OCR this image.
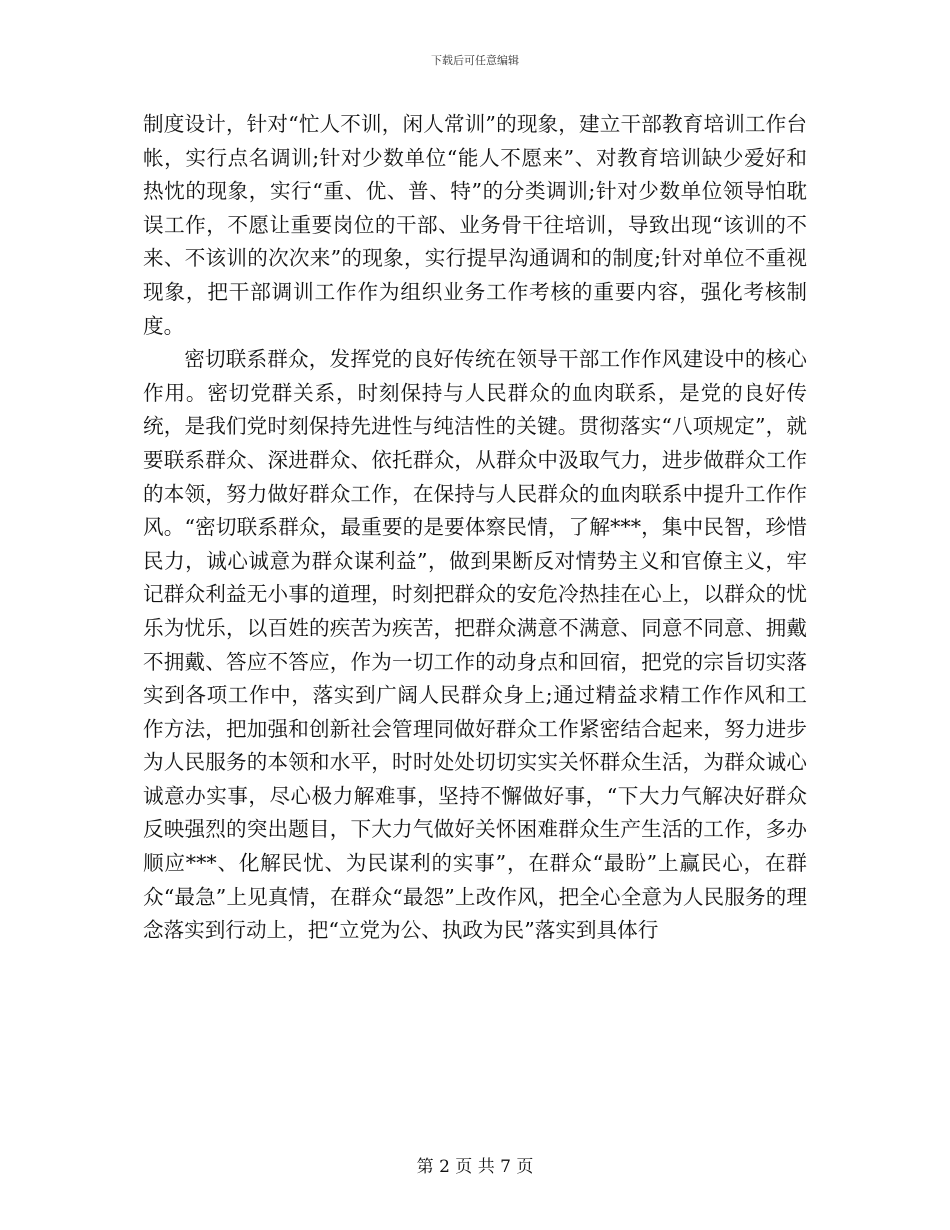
下载后可任意编辑

制度设计，针对“忙人不训，闲人常训”的现象，建立干部教育培训工作台帐，实行点名调训;针对少数单位“能人不愿来”、对教育培训缺少爱好和热忱的现象，实行“重、优、普、特”的分类调训;针对少数单位领导怕耽误工作，不愿让重要岗位的干部、业务骨干往培训，导致出现“该训的不来、不该训的次次来”的现象，实行提早沟通调和的制度;针对单位不重视现象，把干部调训工作作为组织业务工作考核的重要内容，强化考核制度。

密切联系群众，发挥党的良好传统在领导干部工作作风建设中的核心作用。密切党群关系，时刻保持与人民群众的血肉联系，是党的良好传统，是我们党时刻保持先进性与纯洁性的关键。贯彻落实“八项规定”，就要联系群众、深进群众、依托群众，从群众中汲取气力，进步做群众工作的本领，努力做好群众工作，在保持与人民群众的血肉联系中提升工作作风。“密切联系群众，最重要的是要体察民情，了解***，集中民智，珍惜民力，诚心诚意为群众谋利益”，做到果断反对情势主义和官僚主义，牢记群众利益无小事的道理，时刻把群众的安危冷热挂在心上，以群众的忧乐为忧乐，以百姓的疾苦为疾苦，把群众满意不满意、同意不同意、拥戴不拥戴、答应不答应，作为一切工作的动身点和回宿，把党的宗旨切实落实到各项工作中，落实到广阔人民群众身上;通过精益求精工作作风和工作方法，把加强和创新社会管理同做好群众工作紧密结合起来，努力进步为人民服务的本领和水平，时时处处切切实实关怀群众生活，为群众诚心诚意办实事，尽心极力解难事，坚持不懈做好事，“下大力气解决好群众反映强烈的突出题目，下大力气做好关怀困难群众生产生活的工作，多办顺应***、化解民忧、为民谋利的实事”，在群众“最盼”上赢民心，在群众“最急”上见真情，在群众“最怨”上改作风，把全心全意为人民服务的理念落实到行动上，把“立党为公、执政为民”落实到具体行

第 2 页 共 7 页
